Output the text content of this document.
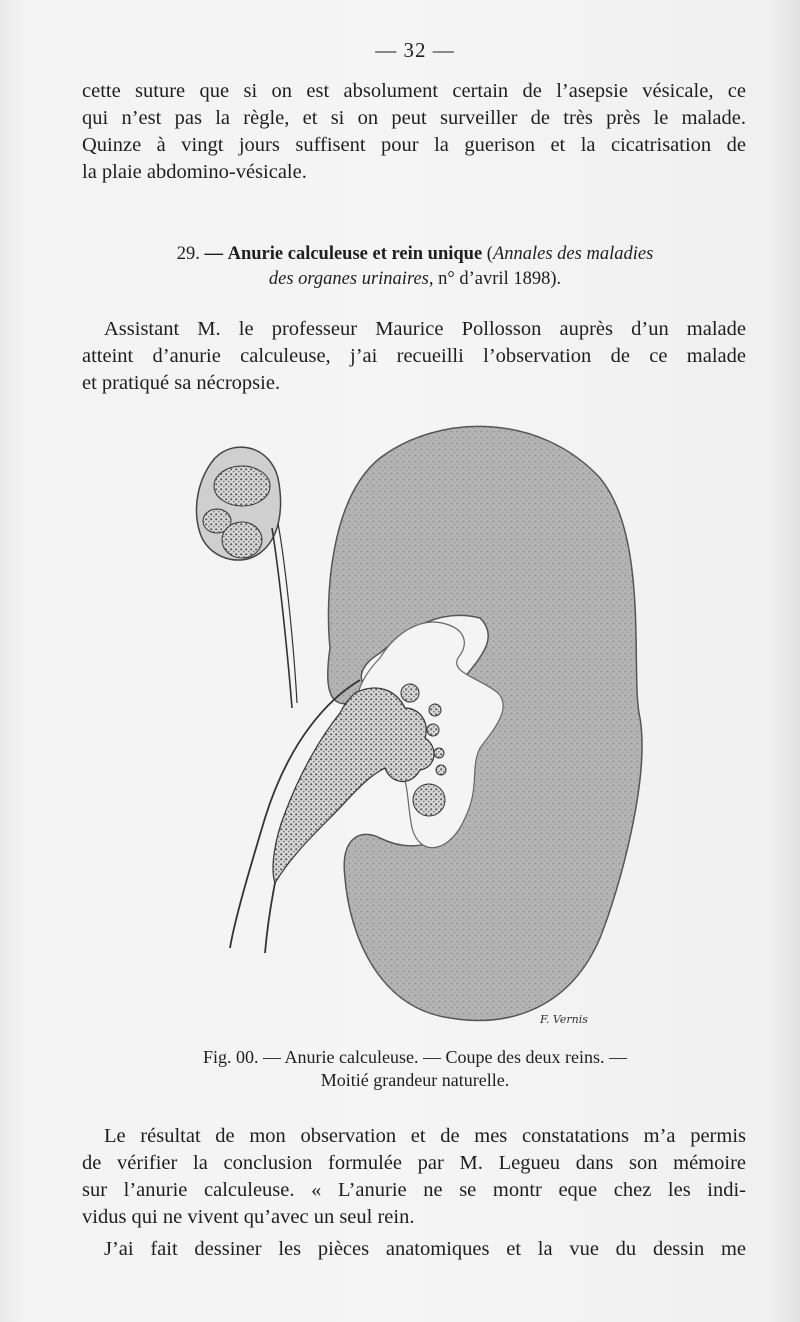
— 32 —

cette suture que si on est absolument certain de l’asepsie vésicale, ce
qui n’est pas la règle, et si on peut surveiller de très près le malade.
Quinze à vingt jours suffisent pour la guerison et la cicatrisation de
la plaie abdomino-vésicale.

29. — Anurie calculeuse et rein unique (Annales des maladies
des organes urinaires, n° d’avril 1898).

Assistant M. le professeur Maurice Pollosson auprès d’un malade
atteint d’anurie calculeuse, j’ai recueilli l’observation de ce malade
et pratiqué sa nécropsie.

F. Vernis
Fig. 00. — Anurie calculeuse. — Coupe des deux reins. —
Moitié grandeur naturelle.

Le résultat de mon observation et de mes constatations m’a permis
de vérifier la conclusion formulée par M. Legueu dans son mémoire
sur l’anurie calculeuse. « L’anurie ne se montr eque chez les indi-
vidus qui ne vivent qu’avec un seul rein.

J’ai fait dessiner les pièces anatomiques et la vue du dessin me
